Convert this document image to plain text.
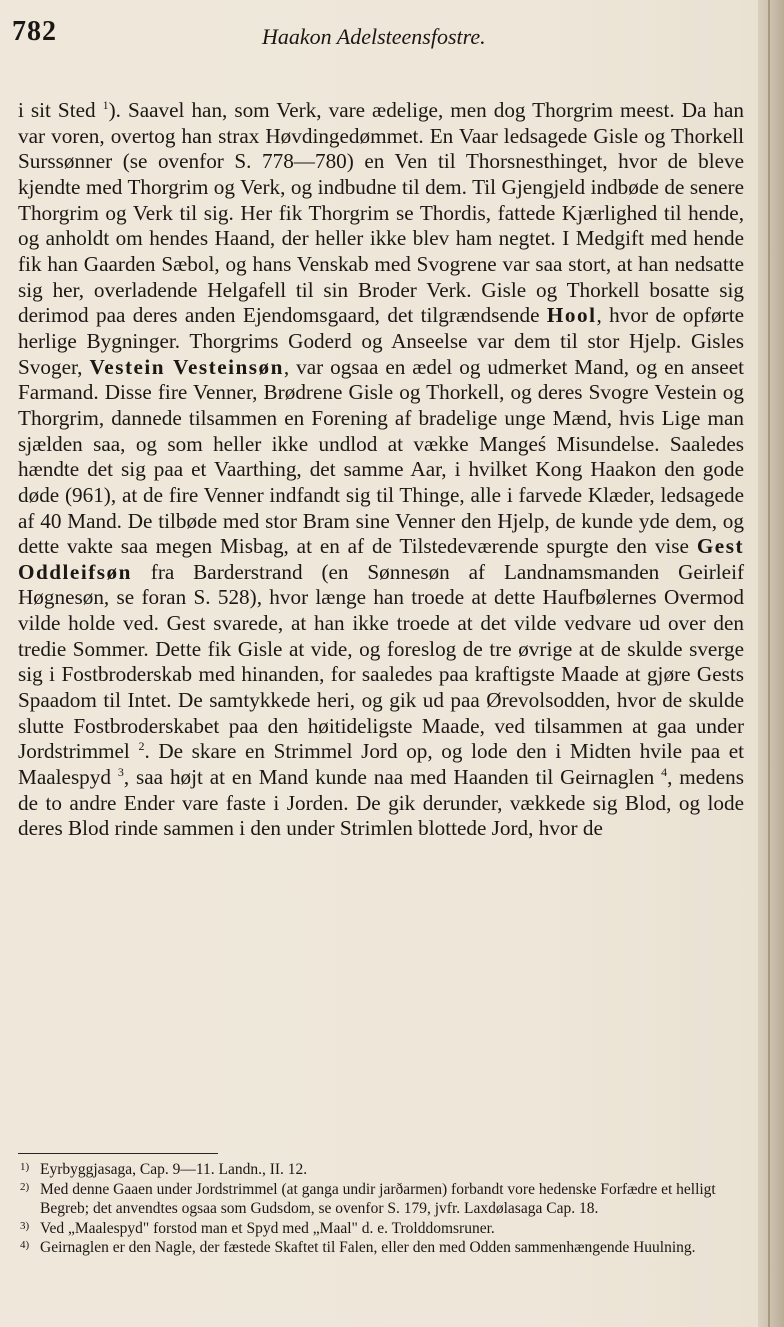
782	Haakon Adelsteensfostre.

i sit Sted $^1$). Saavel han, som Verk, vare ædelige, men dog Thorgrim meest. Da han var voren, overtog han strax Høvdingedømmet. En Vaar ledsagede Gisle og Thorkell Surssønner (se ovenfor S. 778—780) en Ven til Thorsnesthinget, hvor de bleve kjendte med Thorgrim og Verk, og indbudne til dem. Til Gjengjeld indbøde de senere Thorgrim og Verk til sig. Her fik Thorgrim se Thordis, fattede Kjærlighed til hende, og anholdt om hendes Haand, der heller ikke blev ham negtet. I Medgift med hende fik han Gaarden Sæbol, og hans Venskab med Svogrene var saa stort, at han nedsatte sig her, overladende Helgafell til sin Broder Verk. Gisle og Thorkell bosatte sig derimod paa deres anden Ejendomsgaard, det tilgrændsende Hool, hvor de opførte herlige Bygninger. Thorgrims Goderd og Anseelse var dem til stor Hjelp. Gisles Svoger, Vestein Vesteinsøn, var ogsaa en ædel og udmerket Mand, og en anseet Farmand. Disse fire Venner, Brødrene Gisle og Thorkell, og deres Svogre Vestein og Thorgrim, dannede tilsammen en Forening af bradelige unge Mænd, hvis Lige man sjælden saa, og som heller ikke undlod at vække Mangeś Misundelse. Saaledes hændte det sig paa et Vaarthing, det samme Aar, i hvilket Kong Haakon den gode døde (961), at de fire Venner indfandt sig til Thinge, alle i farvede Klæder, ledsagede af 40 Mand. De tilbøde med stor Bram sine Venner den Hjelp, de kunde yde dem, og dette vakte saa megen Misbag, at en af de Tilstedeværende spurgte den vise Gest Oddleifsøn fra Barderstrand (en Sønnesøn af Landnamsmanden Geirleif Høgnesøn, se foran S. 528), hvor længe han troede at dette Haufbølernes Overmod vilde holde ved. Gest svarede, at han ikke troede at det vilde vedvare ud over den tredie Sommer. Dette fik Gisle at vide, og foreslog de tre øvrige at de skulde sverge sig i Fostbroderskab med hinanden, for saaledes paa kraftigste Maade at gjøre Gests Spaadom til Intet. De samtykkede heri, og gik ud paa Ørevolsodden, hvor de skulde slutte Fostbroderskabet paa den høitideligste Maade, ved tilsammen at gaa under Jordstrimmel $^2$. De skare en Strimmel Jord op, og lode den i Midten hvile paa et Maalespyd $^3$, saa højt at en Mand kunde naa med Haanden til Geirnaglen $^4$, medens de to andre Ender vare faste i Jorden. De gik derunder, vækkede sig Blod, og lode deres Blod rinde sammen i den under Strimlen blottede Jord, hvor de

1) Eyrbyggjasaga, Cap. 9—11. Landn., II. 12.

2) Med denne Gaaen under Jordstrimmel (at ganga undir jarðarmen) forbandt vore hedenske Forfædre et helligt Begreb; det anvendtes ogsaa som Gudsdom, se ovenfor S. 179, jvfr. Laxdølasaga Cap. 18.

3) Ved „Maalespyd" forstod man et Spyd med „Maal" d. e. Trolddomsruner.

4) Geirnaglen er den Nagle, der fæstede Skaftet til Falen, eller den med Odden sammenhængende Huulning.
